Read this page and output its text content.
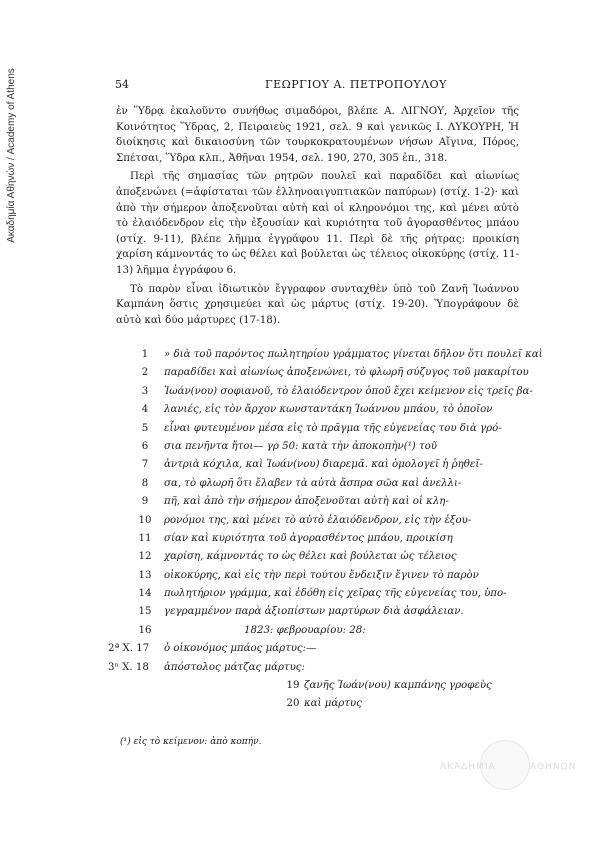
Ακαδημία Αθηνών / Academy of Athens	54	ΓΕΩΡΓΙΟΥ Α. ΠΕΤΡΟΠΟΥΛΟΥ

ἐν Ὕδρᾳ ἐκαλοῦντο συνήθως σιμαδόροι, βλέπε Α. ΛΙΓΝΟΥ, Ἀρχεῖον τῆς Κοινότητος Ὕδρας, 2, Πειραιεὺς 1921, σελ. 9 καὶ γενικῶς Ι. ΛΥΚΟΥΡΗ, Ἡ διοίκησις καὶ δικαιοσύνη τῶν τουρκοκρατουμένων νήσων Αἴγινα, Πόρος, Σπέτσαι, Ὕδρα κλπ., Ἀθῆναι 1954, σελ. 190, 270, 305 ἐπ., 318.

Περὶ τῆς σημασίας τῶν ρητρῶν πουλεῖ καὶ παραδίδει καὶ αἰωνίως ἀποξενώνει (=ἀφίσταται τῶν ἑλληνοαιγυπτιακῶν παπύρων) (στίχ. 1-2)· καὶ ἀπὸ τὴν σήμερον ἀποξενοῦται αὐτὴ καὶ οἱ κληρονόμοι της, καὶ μένει αὐτὸ τὸ ἐλαιόδενδρον εἰς τὴν ἐξουσίαν καὶ κυριότητα τοῦ ἀγορασθέντος μπάου (στίχ. 9-11), βλέπε λῆμμα ἐγγράφου 11. Περὶ δὲ τῆς ρήτρας: προικίση χαρίση κάμνοντάς το ὡς θέλει καὶ βούλεται ὡς τέλειος οἰκοκύρης (στίχ. 11-13) λῆμμα ἐγγράφου 6.

Τὸ παρὸν εἶναι ἰδιωτικὸν ἔγγραφον συνταχθὲν ὑπὸ τοῦ Ζανῆ Ἰωάννου Καμπάνη ὅστις χρησιμεύει καὶ ὡς μάρτυς (στίχ. 19-20). Ὑπογράφουν δὲ αὐτὸ καὶ δύο μάρτυρες (17-18).

1	» διὰ τοῦ παρόντος πωλητηρίου γράμματος γίνεται δῆλον ὅτι πουλεῖ καὶ
2	παραδίδει καὶ αἰωνίως ἀποξενώνει, τὸ φλωρῆ σύζυγος τοῦ μακαρίτου
3	Ἰωάν(νου) σοφιανοῦ, τὸ ἐλαιόδεντρον ὁποῦ ἔχει κείμενον εἰς τρεῖς βα-
4	λανιές, εἰς τὸν ἄρχον κωνσταντάκη Ἰωάννου μπάου, τὸ ὁποῖον
5	εἶναι φυτευμένον μέσα εἰς τὸ πρᾶγμα τῆς εὐγενείας του διὰ γρό-
6	σια πενῆντα ἤτοι— γρ 50: κατὰ τὴν ἀποκοπὴν(¹) τοῦ
7	ἀντριὰ κόχιλα, καὶ Ἰωάν(νου) διαρεμᾶ. καὶ ὁμολογεῖ ἡ ῥηθεῖ-
8	σα, τὸ φλωρῆ ὅτι ἔλαβεν τὰ αὐτὰ ἄσπρα σῶα καὶ ἀνελλι-
9	πῆ, καὶ ἀπὸ τὴν σήμερον ἀποξενοῦται αὐτὴ καὶ οἱ κλη-
10	ρονόμοι της, καὶ μένει τὸ αὐτὸ ἐλαιόδενδρον, εἰς τὴν ἐξου-
11	σίαν καὶ κυριότητα τοῦ ἀγορασθέντος μπάου, προικίση
12	χαρίση, κάμνοντάς το ὡς θέλει καὶ βούλεται ὡς τέλειος
13	οἰκοκύρης, καὶ εἰς τὴν περὶ τούτου ἔνδειξιν ἔγινεν τὸ παρὸν
14	πωλητήριον γράμμα, καὶ ἐδόθη εἰς χεῖρας τῆς εὐγενείας του, ὑπο-
15	γεγραμμένον παρὰ ἀξιοπίστων μαρτύρων διὰ ἀσφάλειαν.
16	1823: φεβρουαρίου: 28:
2ª Χ. 17	ὁ οἰκονόμος μπάος μάρτυς:—
3ⁿ Χ. 18	ἀπόστολος μάτζας μάρτυς:
19 ζανῆς Ἰωάν(νου) καμπάνης γροφεὺς
20 καὶ μάρτυς
(¹) εἰς τὸ κείμενον: ἀπὸ κοπήν.
ΑΚΑΔΗΜΙΑ	ΑΘΗΝΩΝ
